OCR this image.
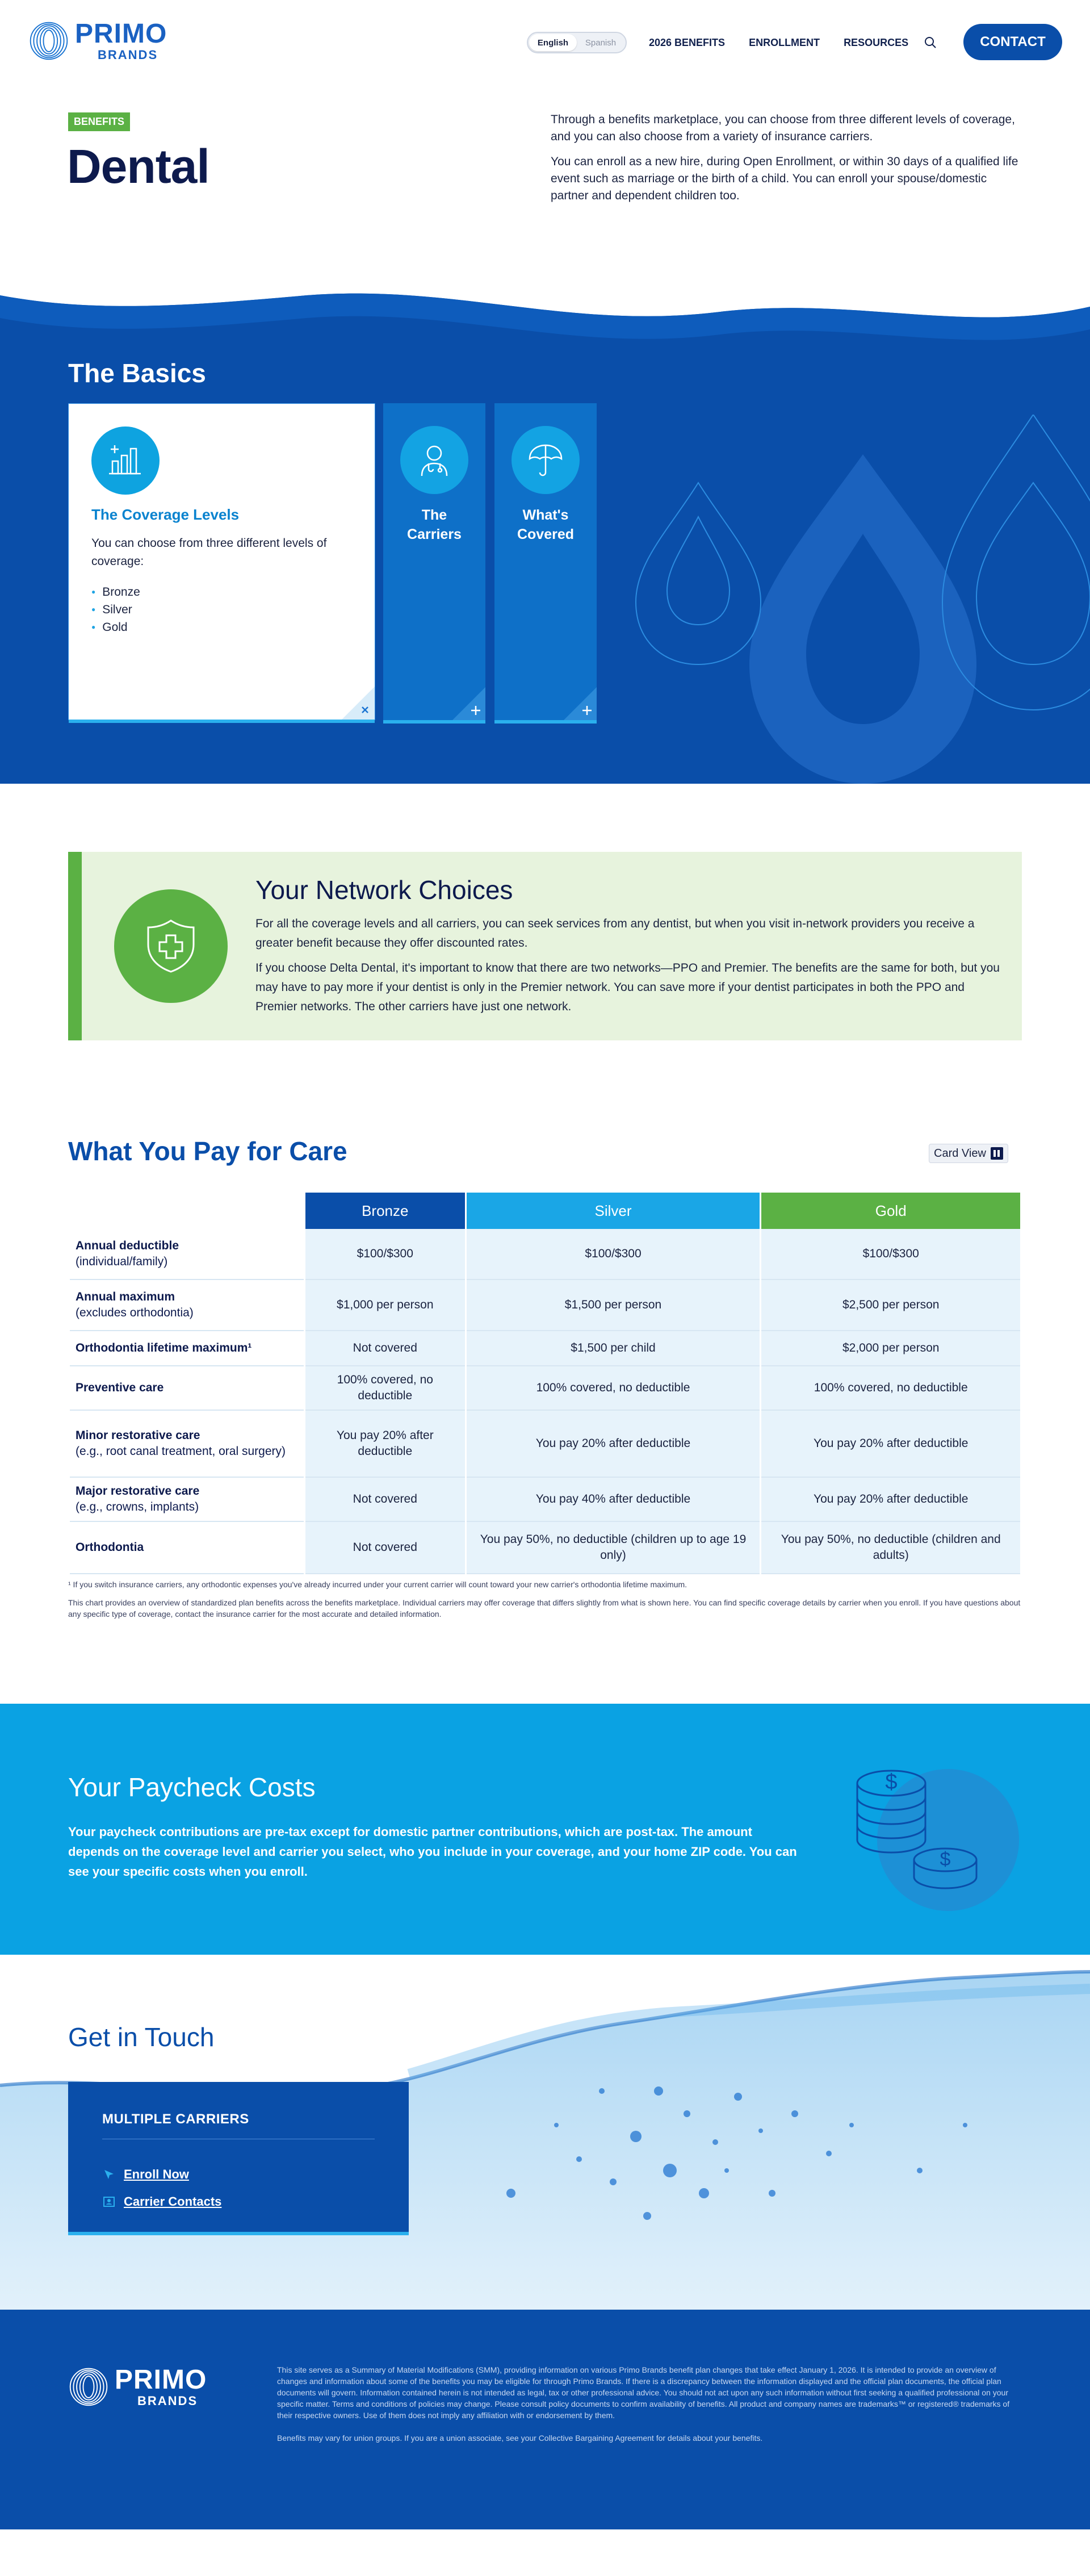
PRIMO
BRANDS
English	Spanish	2026 BENEFITS ENROLLMENT RESOURCES	CONTACT
BENEFITS
Dental

Through a benefits marketplace, you can choose from three different levels of coverage, and you can also choose from a variety of insurance carriers.

You can enroll as a new hire, during Open Enrollment, or within 30 days of a qualified life event such as marriage or the birth of a child. You can enroll your spouse/domestic partner and dependent children too.

The Basics
The Coverage Levels

You can choose from three different levels of coverage:

● Bronze
● Silver
● Gold
The
Carriers
What's
Covered
Your Network Choices

For all the coverage levels and all carriers, you can seek services from any dentist, but when you visit in-network providers you receive a greater benefit because they offer discounted rates.

If you choose Delta Dental, it's important to know that there are two networks—PPO and Premier. The benefits are the same for both, but you may have to pay more if your dentist is only in the Premier network. You can save more if your dentist participates in both the PPO and Premier networks. The other carriers have just one network.

What You Pay for Care	Card View
	Bronze	Silver	Gold

Annual deductible
(individual/family)	$100/$300	$100/$300	$100/$300

Annual maximum
(excludes orthodontia)	$1,000 per person	$1,500 per person	$2,500 per person

Orthodontia lifetime maximum¹	Not covered	$1,500 per child	$2,000 per person

Preventive care	100% covered, no deductible	100% covered, no deductible	100% covered, no deductible

Minor restorative care
(e.g., root canal treatment, oral surgery)	You pay 20% after deductible	You pay 20% after deductible	You pay 20% after deductible

Major restorative care
(e.g., crowns, implants)	Not covered	You pay 40% after deductible	You pay 20% after deductible

Orthodontia	Not covered	You pay 50%, no deductible (children up to age 19 only)	You pay 50%, no deductible (children and adults)

¹ If you switch insurance carriers, any orthodontic expenses you've already incurred under your current carrier will count toward your new carrier's orthodontia lifetime maximum.

This chart provides an overview of standardized plan benefits across the benefits marketplace. Individual carriers may offer coverage that differs slightly from what is shown here. You can find specific coverage details by carrier when you enroll. If you have questions about any specific type of coverage, contact the insurance carrier for the most accurate and detailed information.

Your Paycheck Costs

Your paycheck contributions are pre-tax except for domestic partner contributions, which are post-tax. The amount depends on the coverage level and carrier you select, who you include in your coverage, and your home ZIP code. You can see your specific costs when you enroll.

$
$
Get in Touch
MULTIPLE CARRIERS
Enroll Now
Carrier Contacts
PRIMO
BRANDS

This site serves as a Summary of Material Modifications (SMM), providing information on various Primo Brands benefit plan changes that take effect January 1, 2026. It is intended to provide an overview of changes and information about some of the benefits you may be eligible for through Primo Brands. If there is a discrepancy between the information displayed and the official plan documents, the official plan documents will govern. Information contained herein is not intended as legal, tax or other professional advice. You should not act upon any such information without first seeking a qualified professional on your specific matter. Terms and conditions of policies may change. Please consult policy documents to confirm availability of benefits. All product and company names are trademarks™ or registered® trademarks of their respective owners. Use of them does not imply any affiliation with or endorsement by them.

Benefits may vary for union groups. If you are a union associate, see your Collective Bargaining Agreement for details about your benefits.
